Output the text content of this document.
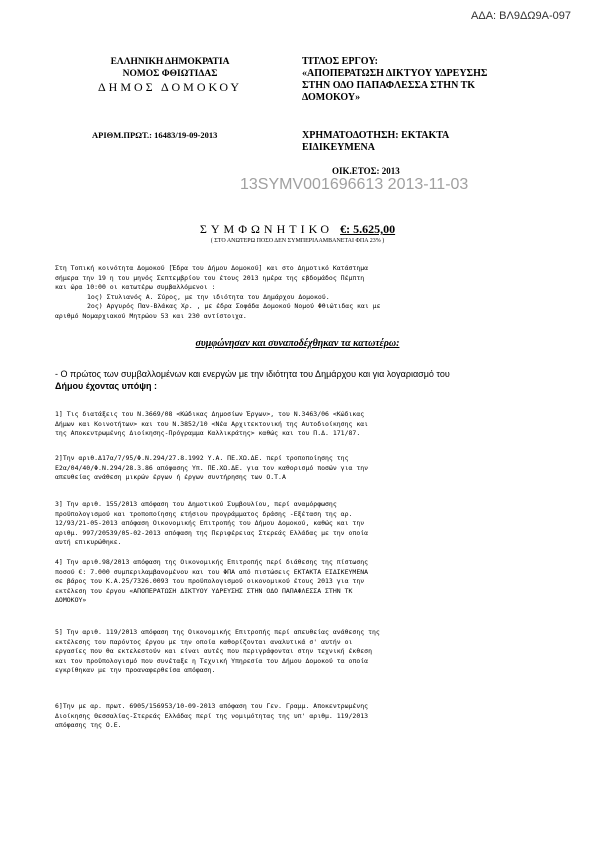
ΑΔΑ: ΒΛ9ΔΩ9Α-097
ΕΛΛΗΝΙΚΗ ΔΗΜΟΚΡΑΤΙΑ
ΝΟΜΟΣ ΦΘΙΩΤΙΔΑΣ
ΔΗΜΟΣ ΔΟΜΟΚΟΥ
ΑΡΙΘΜ.ΠΡΩΤ.: 16483/19-09-2013
ΤΙΤΛΟΣ ΕΡΓΟΥ:
«ΑΠΟΠΕΡΑΤΩΣΗ ΔΙΚΤΥΟΥ ΥΔΡΕΥΣΗΣ
ΣΤΗΝ ΟΔΟ ΠΑΠΑΦΛΕΣΣΑ ΣΤΗΝ ΤΚ
ΔΟΜΟΚΟΥ»
ΧΡΗΜΑΤΟΔΟΤΗΣΗ: ΕΚΤΑΚΤΑ
ΕΙΔΙΚΕΥΜΕΝΑ
ΟΙΚ.ΕΤΟΣ: 2013
13SYMV001696613 2013-11-03
ΣΥΜΦΩΝΗΤΙΚΟ €: 5.625,00
( ΣΤΟ ΑΝΩΤΕΡΩ ΠΟΣΟ ΔΕΝ ΣΥΜΠΕΡΙΛΑΜΒΑΝΕΤΑΙ ΦΠΑ 23% )
Στη Τοπική κοινότητα Δομοκού [Έδρα του Δήμου Δομοκού] και στο Δημοτικό Κατάστημα
σήμερα την 19 η του μηνός Σεπτεμβρίου του έτους 2013 ημέρα της εβδομάδος Πέμπτη
και ώρα 10:00 οι κατωτέρω συμβαλλόμενοι :
1ος) Στυλιανός Α. Σύρος, με την ιδιότητα του Δημάρχου Δομοκού.
2ος) Αργυρός Παν-Βλάκας Χρ. , με έδρα Σοφάδα Δομοκού Νομού Φθιώτιδας και με
αριθμό Νομαρχιακού Μητρώου 53 και 230 αντίστοιχα.
συμφώνησαν και συναποδέχθηκαν τα κατωτέρω:
- Ο πρώτος των συμβαλλομένων και ενεργών με την ιδιότητα του Δημάρχου και για λογαριασμό του
Δήμου έχοντας υπόψη :
1] Τις διατάξεις του Ν.3669/08 <Κώδικας Δημοσίων Έργων>, του Ν.3463/06 <Κώδικας
Δήμων και Κοινοτήτων> και του Ν.3852/10 <Νέα Αρχιτεκτονική της Αυτοδιοίκησης και
της Αποκεντρωμένης Διοίκησης-Πρόγραμμα Καλλικράτης> καθώς και του Π.Δ. 171/87.
2]Την αριθ.Δ17α/7/95/Φ.Ν.294/27.8.1992 Υ.Α. ΠΕ.ΧΩ.ΔΕ. περί τροποποίησης της
Ε2α/04/40/Φ.Ν.294/28.3.86 απόφασης Υπ. ΠΕ.ΧΩ.ΔΕ. για τον καθορισμό ποσών για την
απευθείας ανάθεση μικρών έργων ή έργων συντήρησης των Ο.Τ.Α
3] Την αριθ. 155/2013 απόφαση του Δημοτικού Συμβουλίου, περί αναμόρφωσης
προϋπολογισμού και τροποποίησης ετήσιου προγράμματος δράσης -Εξέταση της αρ.
12/93/21-05-2013 απόφαση Οικονομικής Επιτροπής του Δήμου Δομοκού, καθώς και την
αριθμ. 997/20539/05-02-2013 απόφαση της Περιφέρειας Στερεάς Ελλάδας με την οποία
αυτή επικυρώθηκε.
4] Την αριθ.98/2013 απόφαση της Οικονομικής Επιτροπής περί διάθεσης της πίστωσης
ποσού €: 7.000 συμπεριλαμβανομένου και του ΦΠΑ από πιστώσεις ΕΚΤΑΚΤΑ ΕΙΔΙΚΕΥΜΕΝΑ
σε βάρος του Κ.Α.25/7326.0093 του προϋπολογισμού οικονομικού έτους 2013 για την
εκτέλεση του έργου «ΑΠΟΠΕΡΑΤΩΣΗ ΔΙΚΤΥΟΥ ΥΔΡΕΥΣΗΣ ΣΤΗΝ ΟΔΟ ΠΑΠΑΦΛΕΣΣΑ ΣΤΗΝ ΤΚ
ΔΟΜΟΚΟΥ»
5] Την αριθ. 119/2013 απόφαση της Οικονομικής Επιτροπής περί απευθείας ανάθεσης της
εκτέλεσης του παρόντος έργου με την οποία καθορίζονται αναλυτικά σ' αυτήν οι
εργασίες που θα εκτελεστούν και είναι αυτές που περιγράφονται στην τεχνική έκθεση
και τον προϋπολογισμό που συνέταξε η Τεχνική Υπηρεσία του Δήμου Δομοκού τα οποία
εγκρίθηκαν με την προαναφερθείσα απόφαση.
6]Την με αρ. πρωτ. 6905/156953/10-09-2013 απόφαση του Γεν. Γραμμ. Αποκεντρωμένης
Διοίκησης Θεσσαλίας-Στερεάς Ελλάδας περί της νομιμότητας της υπ' αριθμ. 119/2013
απόφασης της Ο.Ε.
